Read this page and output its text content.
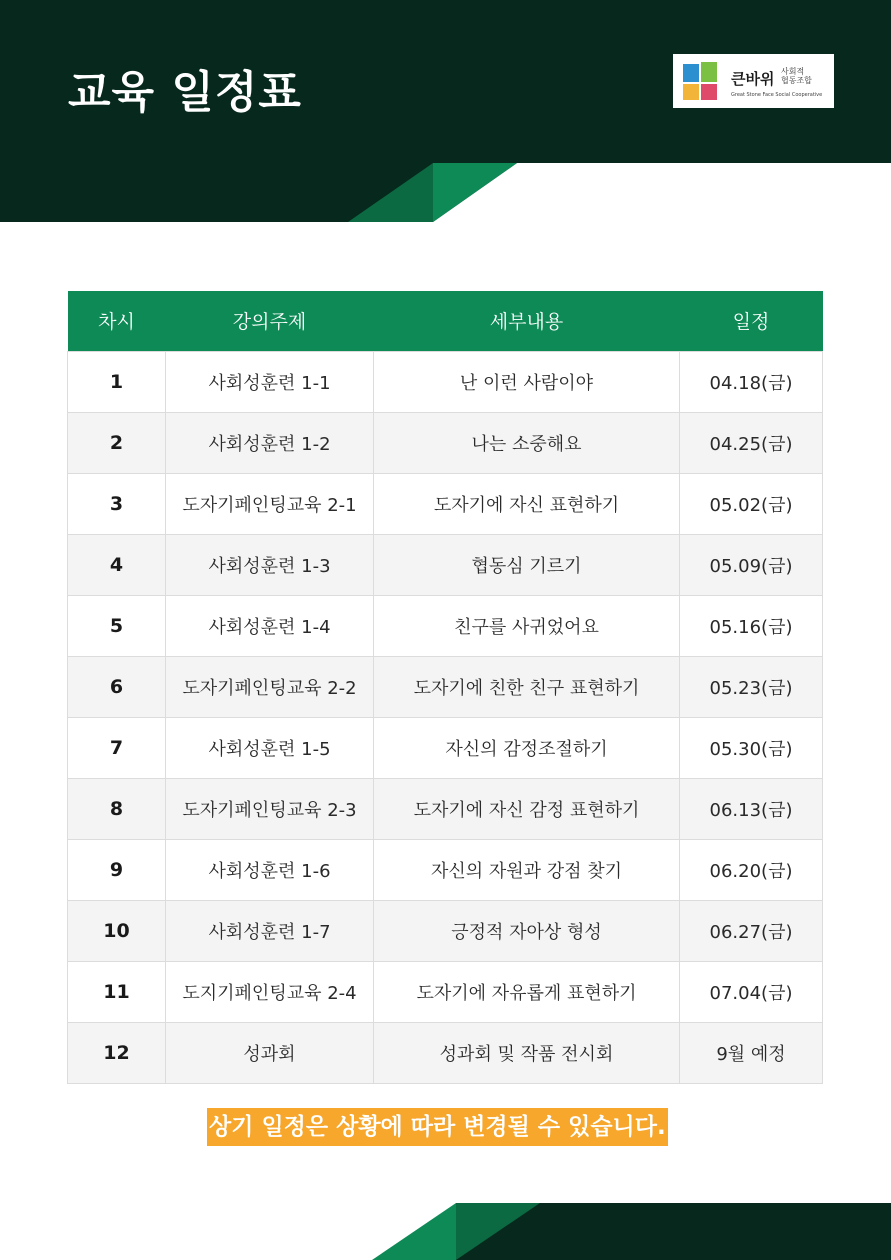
교육 일정표	큰바위 사회적
협동조합
Great Stone Face Social Cooperative
차시	강의주제	세부내용	일정
1	사회성훈련 1-1	난 이런 사람이야	04.18(금)
2	사회성훈련 1-2	나는 소중해요	04.25(금)
3	도자기페인팅교육 2-1	도자기에 자신 표현하기	05.02(금)
4	사회성훈련 1-3	협동심 기르기	05.09(금)
5	사회성훈련 1-4	친구를 사귀었어요	05.16(금)
6	도자기페인팅교육 2-2	도자기에 친한 친구 표현하기	05.23(금)
7	사회성훈련 1-5	자신의 감정조절하기	05.30(금)
8	도자기페인팅교육 2-3	도자기에 자신 감정 표현하기	06.13(금)
9	사회성훈련 1-6	자신의 자원과 강점 찾기	06.20(금)
10	사회성훈련 1-7	긍정적 자아상 형성	06.27(금)
11	도지기페인팅교육 2-4	도자기에 자유롭게 표현하기	07.04(금)
12	성과회	성과회 및 작품 전시회	9월 예정
상기 일정은 상황에 따라 변경될 수 있습니다.
